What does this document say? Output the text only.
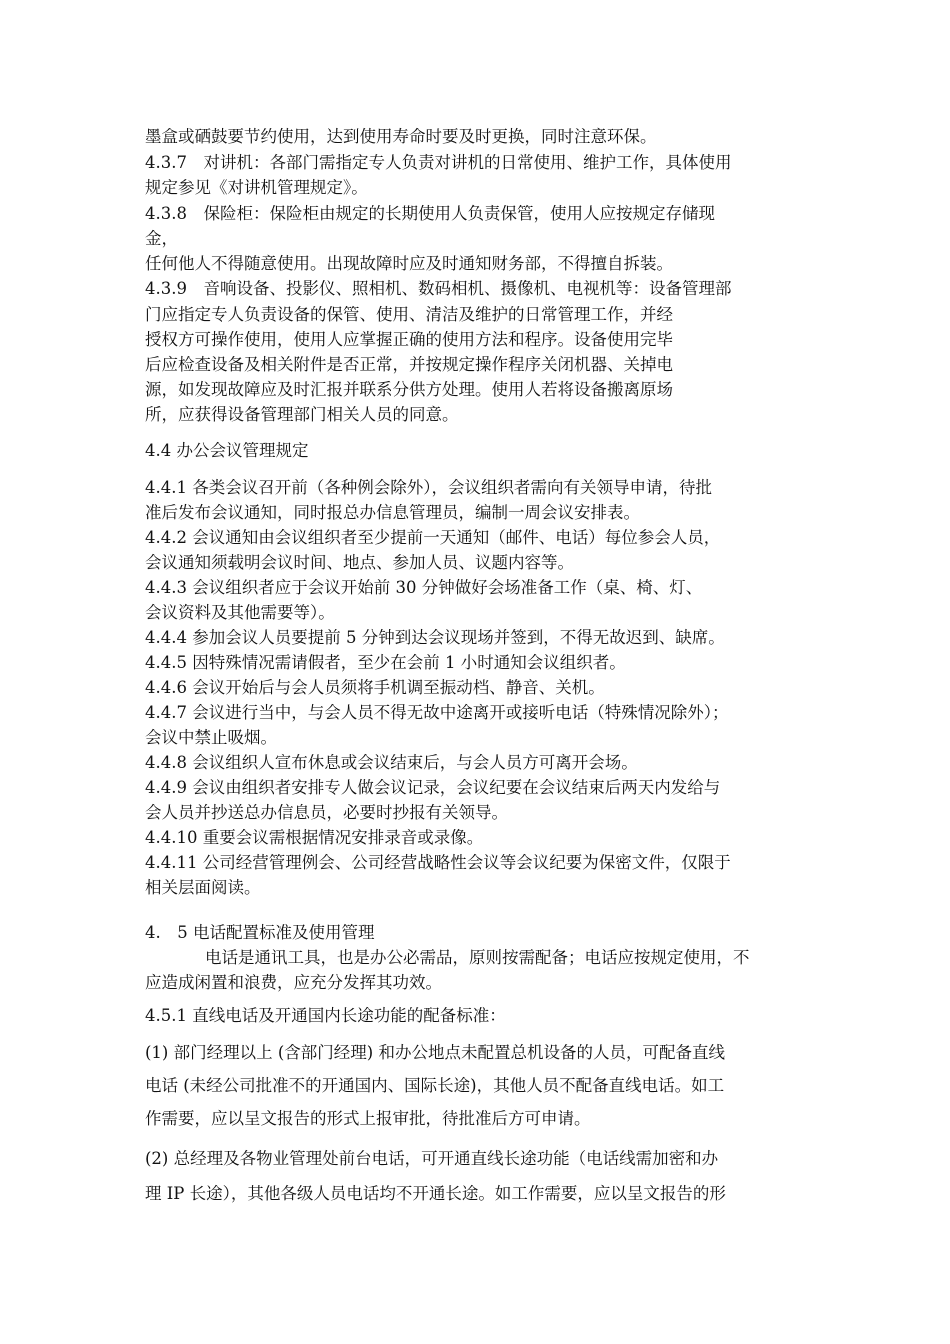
墨盒或硒鼓要节约使用，达到使用寿命时要及时更换，同时注意环保。
4.3.7　对讲机：各部门需指定专人负责对讲机的日常使用、维护工作，具体使用
规定参见《对讲机管理规定》。
4.3.8　保险柜：保险柜由规定的长期使用人负责保管，使用人应按规定存储现
金，
任何他人不得随意使用。出现故障时应及时通知财务部，不得擅自拆装。
4.3.9　音响设备、投影仪、照相机、数码相机、摄像机、电视机等：设备管理部
门应指定专人负责设备的保管、使用、清洁及维护的日常管理工作，并经
授权方可操作使用，使用人应掌握正确的使用方法和程序。设备使用完毕
后应检查设备及相关附件是否正常，并按规定操作程序关闭机器、关掉电
源，如发现故障应及时汇报并联系分供方处理。使用人若将设备搬离原场
所，应获得设备管理部门相关人员的同意。
4.4 办公会议管理规定
4.4.1 各类会议召开前（各种例会除外），会议组织者需向有关领导申请，待批
准后发布会议通知，同时报总办信息管理员，编制一周会议安排表。
4.4.2 会议通知由会议组织者至少提前一天通知（邮件、电话）每位参会人员，
会议通知须载明会议时间、地点、参加人员、议题内容等。
4.4.3 会议组织者应于会议开始前 30 分钟做好会场准备工作（桌、椅、灯、
会议资料及其他需要等）。
4.4.4 参加会议人员要提前 5 分钟到达会议现场并签到，不得无故迟到、缺席。
4.4.5 因特殊情况需请假者，至少在会前 1 小时通知会议组织者。
4.4.6 会议开始后与会人员须将手机调至振动档、静音、关机。
4.4.7 会议进行当中，与会人员不得无故中途离开或接听电话（特殊情况除外）；
会议中禁止吸烟。
4.4.8 会议组织人宣布休息或会议结束后，与会人员方可离开会场。
4.4.9 会议由组织者安排专人做会议记录，会议纪要在会议结束后两天内发给与
会人员并抄送总办信息员，必要时抄报有关领导。
4.4.10 重要会议需根据情况安排录音或录像。
4.4.11 公司经营管理例会、公司经营战略性会议等会议纪要为保密文件，仅限于
相关层面阅读。
4.　5 电话配置标准及使用管理
电话是通讯工具，也是办公必需品，原则按需配备；电话应按规定使用，不
应造成闲置和浪费，应充分发挥其功效。
4.5.1 直线电话及开通国内长途功能的配备标准：
(1) 部门经理以上 (含部门经理) 和办公地点未配置总机设备的人员，可配备直线
电话 (未经公司批准不的开通国内、国际长途)，其他人员不配备直线电话。如工
作需要，应以呈文报告的形式上报审批，待批准后方可申请。
(2) 总经理及各物业管理处前台电话，可开通直线长途功能（电话线需加密和办
理 IP 长途），其他各级人员电话均不开通长途。如工作需要，应以呈文报告的形
